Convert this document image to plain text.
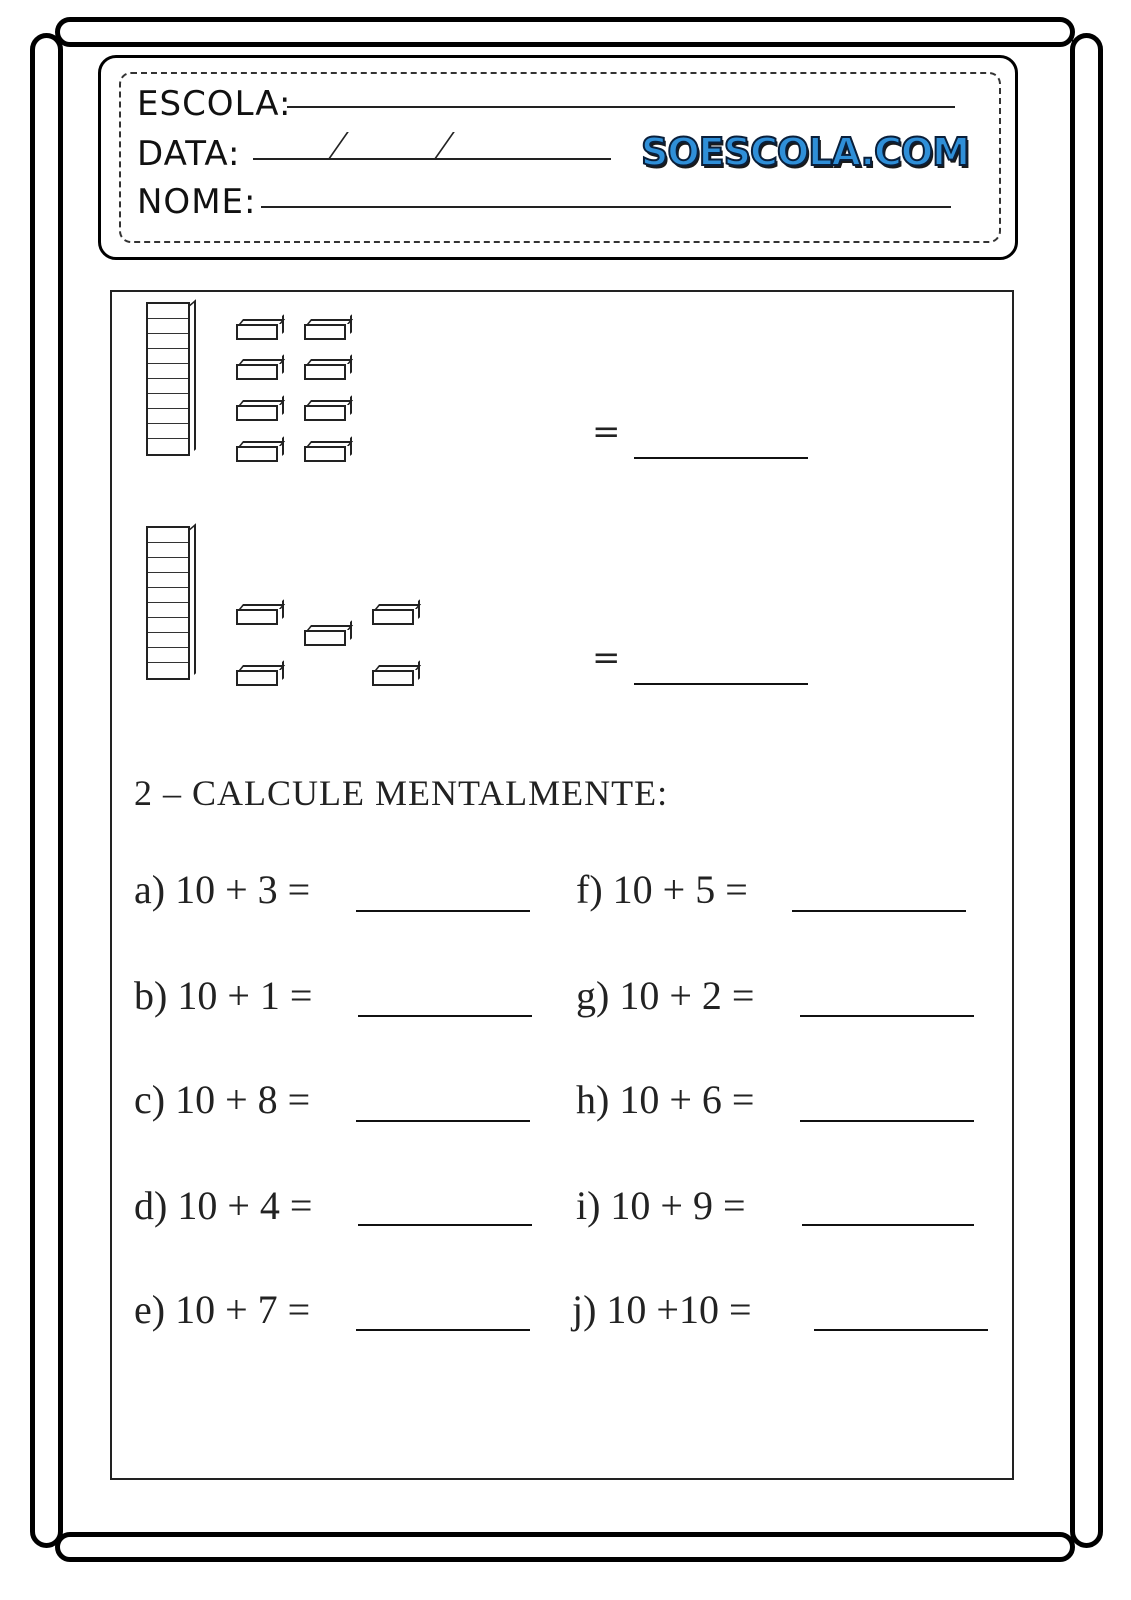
ESCOLA:
DATA:	SOESCOLA.COM
NOME:
=
=
2 – CALCULE MENTALMENTE:
a) 10 + 3 =
b) 10 + 1 =
c) 10 + 8 =
d) 10 + 4 =
e) 10 + 7 =
f) 10 + 5 =
g) 10 + 2 =
h) 10 + 6 =
i) 10 + 9 =
j) 10 +10 =
